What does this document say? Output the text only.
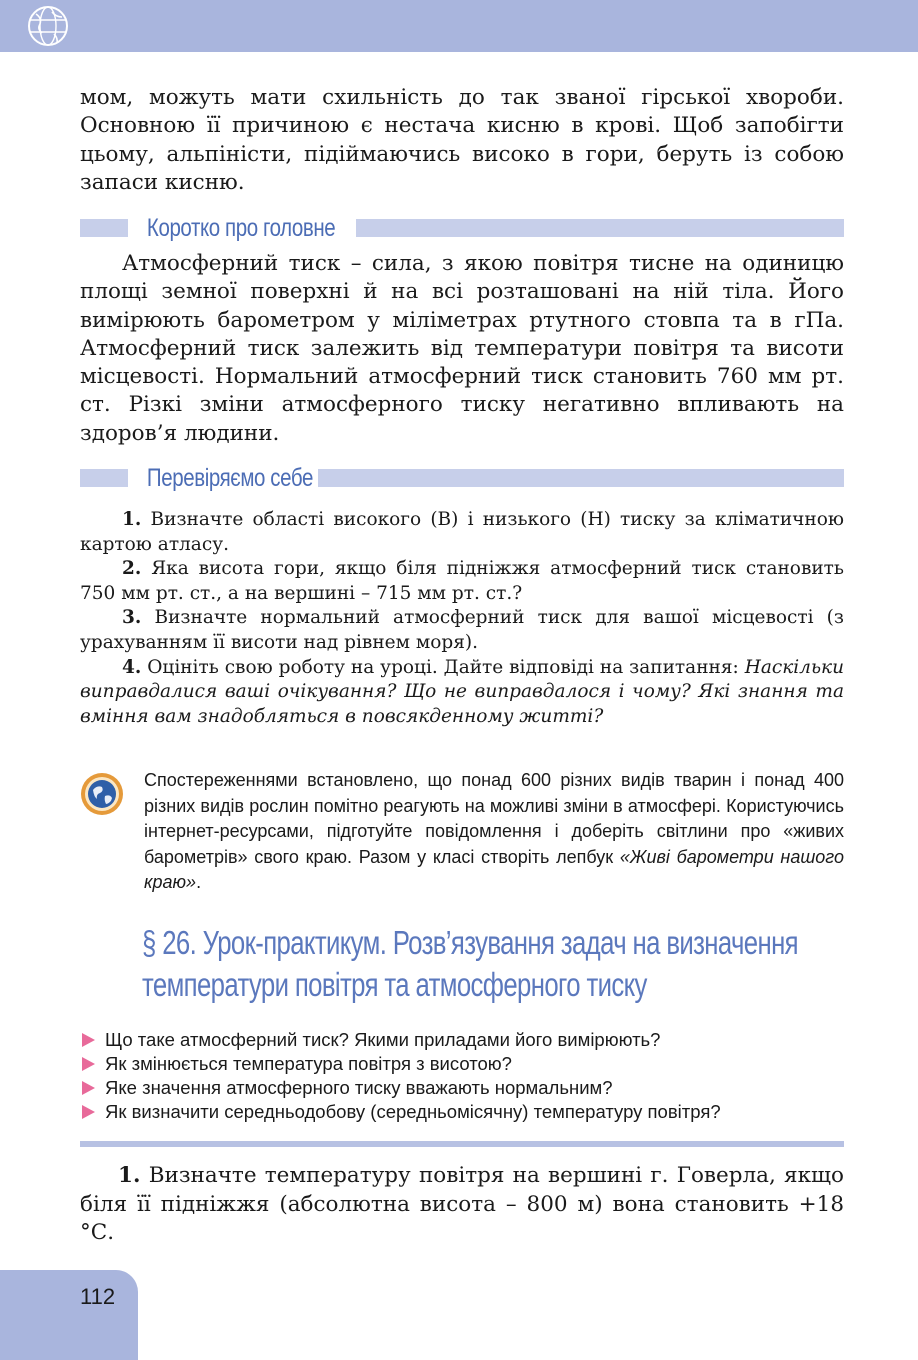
мом, можуть мати схильність до так званої гірської хвороби. Основною її причиною є нестача кисню в крові. Щоб запобігти цьому, альпіністи, підіймаючись високо в гори, беруть із собою запаси кисню.

Коротко про головне

Атмосферний тиск – сила, з якою повітря тисне на одиницю площі земної поверхні й на всі розташовані на ній тіла. Його вимірюють барометром у міліметрах ртутного стовпа та в гПа. Атмосферний тиск залежить від температури повітря та висоти місцевості. Нормальний атмосферний тиск становить 760 мм рт. ст. Різкі зміни атмосферного тиску негативно впливають на здоров’я людини.

Перевіряємо себе

1. Визначте області високого (В) і низького (Н) тиску за кліматичною картою атласу.

2. Яка висота гори, якщо біля підніжжя атмосферний тиск становить 750 мм рт. ст., а на вершині – 715 мм рт. ст.?

3. Визначте нормальний атмосферний тиск для вашої місцевості (з урахуванням її висоти над рівнем моря).

4. Оцініть свою роботу на уроці. Дайте відповіді на запитання: Наскільки виправдалися ваші очікування? Що не виправдалося і чому? Які знання та вміння вам знадобляться в повсякденному житті?

Спостереженнями встановлено, що понад 600 різних видів тварин і понад 400 різних видів рослин помітно реагують на можливі зміни в атмосфері. Користуючись інтернет-ресурсами, підготуйте повідомлення і доберіть світлини про «живих барометрів» свого краю. Разом у класі створіть лепбук «Живі барометри нашого краю».
§ 26. Урок-практикум. Розв’язування задач на визначення
температури повітря та атмосферного тиску
Що таке атмосферний тиск? Якими приладами його вимірюють?
Як змінюється температура повітря з висотою?
Яке значення атмосферного тиску вважають нормальним?
Як визначити середньодобову (середньомісячну) температуру повітря?

1. Визначте температуру повітря на вершині г. Говерла, якщо біля її підніжжя (абсолютна висота – 800 м) вона становить +18 °С.

112
